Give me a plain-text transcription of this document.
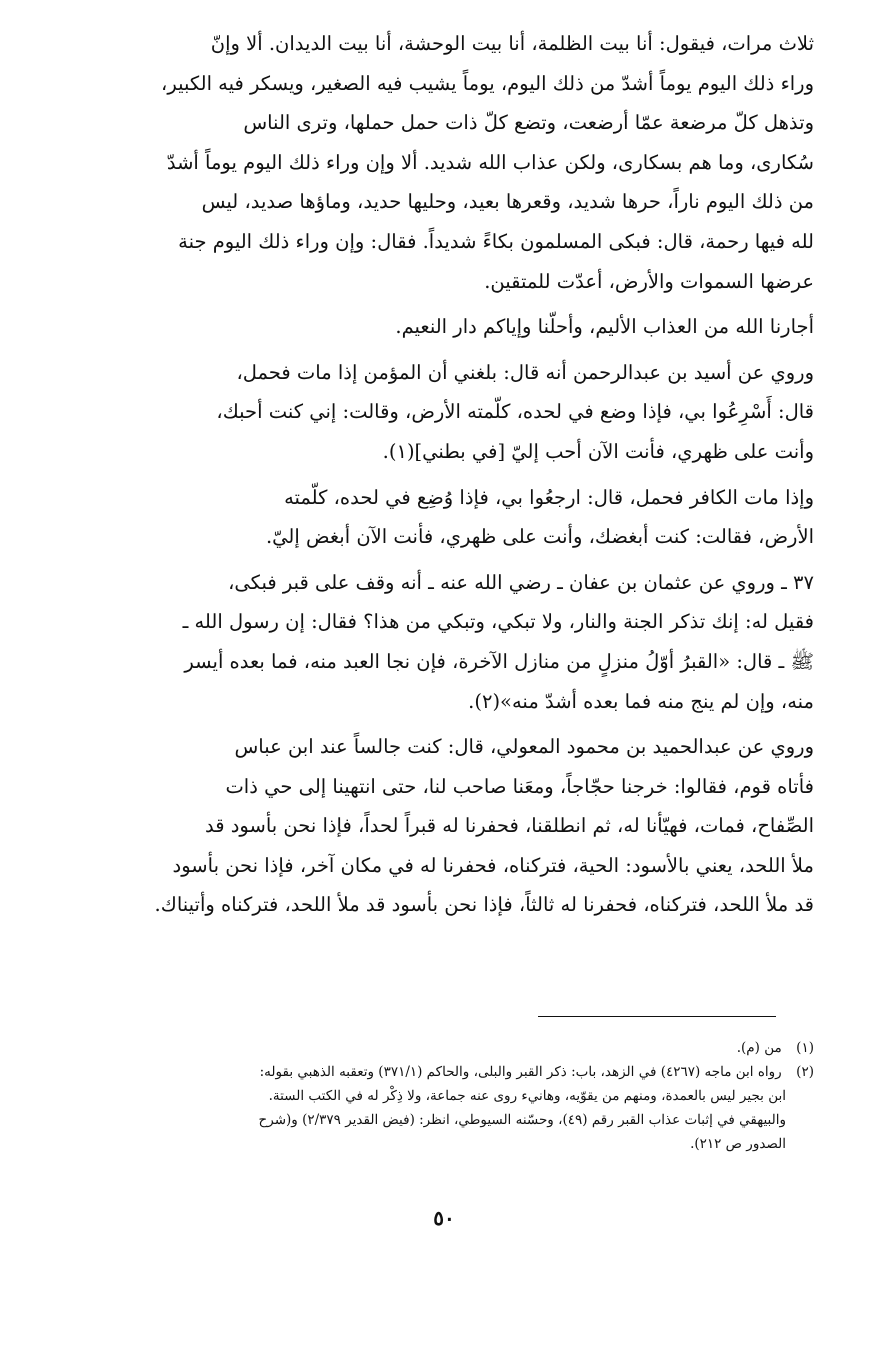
ثلاث مرات، فيقول: أنا بيت الظلمة، أنا بيت الوحشة، أنا بيت الديدان. ألا وإنّ

وراء ذلك اليوم يوماً أشدّ من ذلك اليوم، يوماً يشيب فيه الصغير، ويسكر فيه الكبير،

وتذهل كلّ مرضعة عمّا أرضعت، وتضع كلّ ذات حمل حملها، وترى الناس

سُكارى، وما هم بسكارى، ولكن عذاب الله شديد. ألا وإن وراء ذلك اليوم يوماً أشدّ

من ذلك اليوم ناراً، حرها شديد، وقعرها بعيد، وحليها حديد، وماؤها صديد، ليس

لله فيها رحمة، قال: فبكى المسلمون بكاءً شديداً. فقال: وإن وراء ذلك اليوم جنة

عرضها السموات والأرض، أعدّت للمتقين.

أجارنا الله من العذاب الأليم، وأحلّنا وإياكم دار النعيم.

وروي عن أسيد بن عبدالرحمن أنه قال: بلغني أن المؤمن إذا مات فحمل،

قال: أَسْرِعُوا بي، فإذا وضع في لحده، كلّمته الأرض، وقالت: إني كنت أحبك،

وأنت على ظهري، فأنت الآن أحب إليّ [في بطني](١).

وإذا مات الكافر فحمل، قال: ارجعُوا بي، فإذا وُضِع في لحده، كلّمته

الأرض، فقالت: كنت أبغضك، وأنت على ظهري، فأنت الآن أبغض إليّ.

٣٧ ـ وروي عن عثمان بن عفان ـ رضي الله عنه ـ أنه وقف على قبر فبكى،

فقيل له: إنك تذكر الجنة والنار، ولا تبكي، وتبكي من هذا؟ فقال: إن رسول الله ـ

ﷺ ـ قال: «القبرُ أوّلُ منزلٍ من منازل الآخرة، فإن نجا العبد منه، فما بعده أيسر

منه، وإن لم ينج منه فما بعده أشدّ منه»(٢).

وروي عن عبدالحميد بن محمود المعولي، قال: كنت جالساً عند ابن عباس

فأتاه قوم، فقالوا: خرجنا حجّاجاً، ومعَنا صاحب لنا، حتى انتهينا إلى حي ذات

الصِّفاح، فمات، فهيّأنا له، ثم انطلقنا، فحفرنا له قبراً لحداً، فإذا نحن بأسود قد

ملأ اللحد، يعني بالأسود: الحية، فتركناه، فحفرنا له في مكان آخر، فإذا نحن بأسود

قد ملأ اللحد، فتركناه، فحفرنا له ثالثاً، فإذا نحن بأسود قد ملأ اللحد، فتركناه وأتيناك.

(١) من (م).

(٢) رواه ابن ماجه (٤٢٦٧) في الزهد، باب: ذكر القبر والبلى، والحاكم (٣٧١/١) وتعقبه الذهبي بقوله:

ابن بجير ليس بالعمدة، ومنهم من يقوّيه، وهانيء روى عنه جماعة، ولا ذِكْر له في الكتب الستة.

والبيهقي في إثبات عذاب القبر رقم (٤٩)، وحسّنه السيوطي، انظر: (فيض القدير ٢/٣٧٩) و(شرح

الصدور ص ٢١٢).

٥٠
